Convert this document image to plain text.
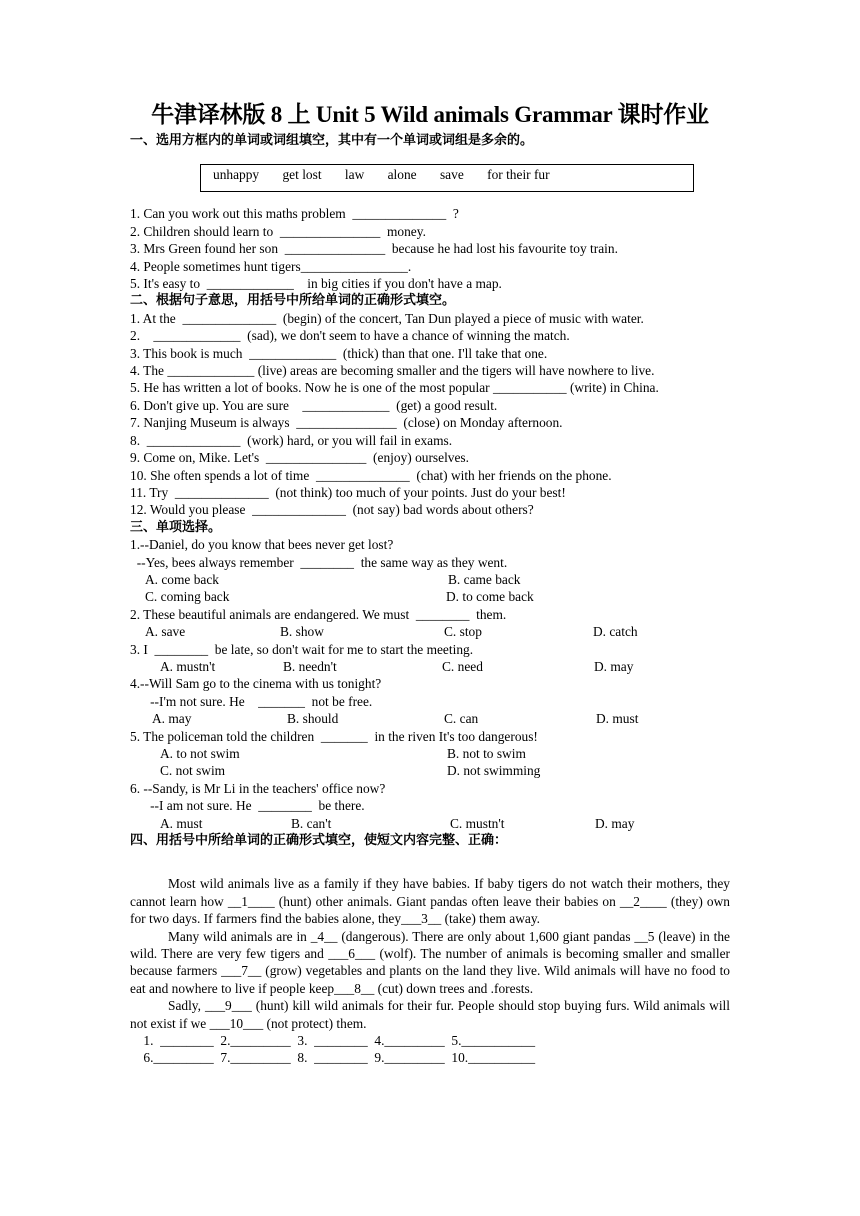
牛津译林版 8 上 Unit 5 Wild animals Grammar 课时作业
一、选用方框内的单词或词组填空，其中有一个单词或词组是多余的。
unhappy get lost law alone save for their fur
1. Can you work out this maths problem  ______________  ?
2. Children should learn to  _______________  money.
3. Mrs Green found her son  _______________  because he had lost his favourite toy train.
4. People sometimes hunt tigers________________.
5. It's easy to  _____________    in big cities if you don't have a map.
二、根据句子意思，用括号中所给单词的正确形式填空。
1. At the  ______________  (begin) of the concert, Tan Dun played a piece of music with water.
2.    _____________  (sad), we don't seem to have a chance of winning the match.
3. This book is much  _____________  (thick) than that one. I'll take that one.
4. The _____________ (live) areas are becoming smaller and the tigers will have nowhere to live.
5. He has written a lot of books. Now he is one of the most popular ___________ (write) in China.
6. Don't give up. You are sure    _____________  (get) a good result.
7. Nanjing Museum is always  _______________  (close) on Monday afternoon.
8.  ______________  (work) hard, or you will fail in exams.
9. Come on, Mike. Let's  _______________  (enjoy) ourselves.
10. She often spends a lot of time  ______________  (chat) with her friends on the phone.
11. Try  ______________  (not think) too much of your points. Just do your best!
12. Would you please  ______________  (not say) bad words about others?
三、单项选择。
1.--Daniel, do you know that bees never get lost?
--Yes, bees always remember  ________  the same way as they went.
A. come back	B. came back
C. coming back	D. to come back
2. These beautiful animals are endangered. We must  ________  them.
A. save	B. show	C. stop	D. catch
3. I  ________  be late, so don't wait for me to start the meeting.
A. mustn't	B. needn't	C. need	D. may
4.--Will Sam go to the cinema with us tonight?
--I'm not sure. He    _______  not be free.
A. may	B. should	C. can	D. must
5. The policeman told the children  _______  in the riven It's too dangerous!
A. to not swim	B. not to swim
C. not swim	D. not swimming
6. --Sandy, is Mr Li in the teachers' office now?
--I am not sure. He  ________  be there.
A. must	B. can't	C. mustn't	D. may
四、用括号中所给单词的正确形式填空，使短文内容完整、正确：

Most wild animals live as a family if they have babies. If baby tigers do not watch their mothers, they cannot learn how __1____ (hunt) other animals. Giant pandas often leave their babies on __2____ (they) own for two days. If farmers find the babies alone, they___3__ (take) them away.

Many wild animals are in _4__ (dangerous). There are only about 1,600 giant pandas __5 (leave) in the wild. There are very few tigers and ___6___ (wolf). The number of animals is becoming smaller and smaller because farmers ___7__ (grow) vegetables and plants on the land they live. Wild animals will have no food to eat and nowhere to live if people keep___8__ (cut) down trees and .forests.

Sadly, ___9___ (hunt) kill wild animals for their fur. People should stop buying furs. Wild animals will not exist if we ___10___ (not protect) them.

1.  ________  2._________  3.  ________  4._________  5.___________
6._________  7._________  8.  ________  9._________  10.__________
